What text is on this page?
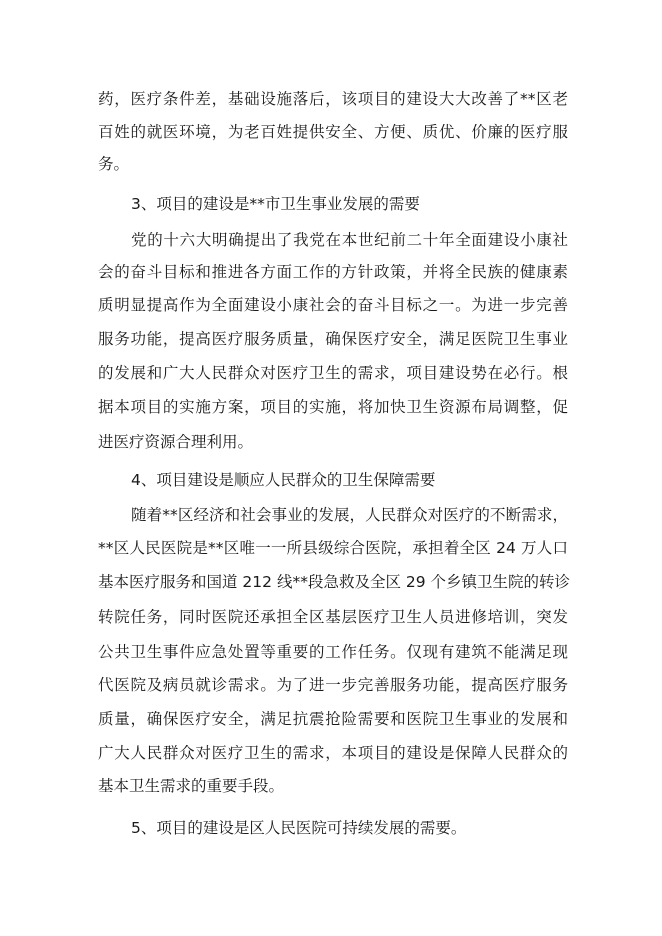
药，医疗条件差，基础设施落后，该项目的建设大大改善了**区老
百姓的就医环境，为老百姓提供安全、方便、质优、价廉的医疗服
务。
3、项目的建设是**市卫生事业发展的需要
党的十六大明确提出了我党在本世纪前二十年全面建设小康社
会的奋斗目标和推进各方面工作的方针政策，并将全民族的健康素
质明显提高作为全面建设小康社会的奋斗目标之一。为进一步完善
服务功能，提高医疗服务质量，确保医疗安全，满足医院卫生事业
的发展和广大人民群众对医疗卫生的需求，项目建设势在必行。根
据本项目的实施方案，项目的实施，将加快卫生资源布局调整，促
进医疗资源合理利用。
4、项目建设是顺应人民群众的卫生保障需要
随着**区经济和社会事业的发展，人民群众对医疗的不断需求，
**区人民医院是**区唯一一所县级综合医院，承担着全区 24 万人口
基本医疗服务和国道 212 线**段急救及全区 29 个乡镇卫生院的转诊
转院任务，同时医院还承担全区基层医疗卫生人员进修培训，突发
公共卫生事件应急处置等重要的工作任务。仅现有建筑不能满足现
代医院及病员就诊需求。为了进一步完善服务功能，提高医疗服务
质量，确保医疗安全，满足抗震抢险需要和医院卫生事业的发展和
广大人民群众对医疗卫生的需求，本项目的建设是保障人民群众的
基本卫生需求的重要手段。
5、项目的建设是区人民医院可持续发展的需要。
